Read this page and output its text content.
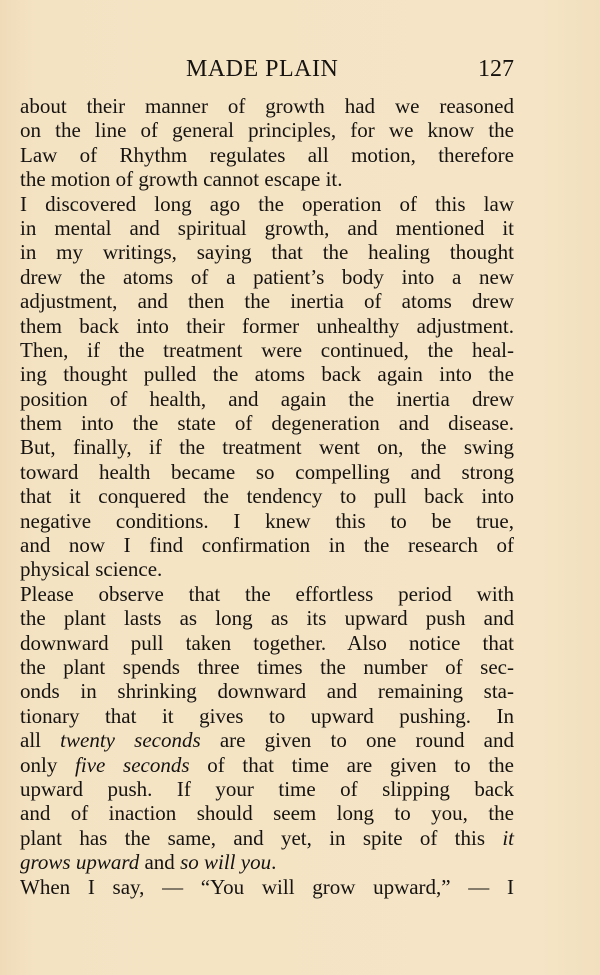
MADE PLAIN	127
about their manner of growth had we reasoned
on the line of general principles, for we know the
Law of Rhythm regulates all motion, therefore
the motion of growth cannot escape it.
I discovered long ago the operation of this law
in mental and spiritual growth, and mentioned it
in my writings, saying that the healing thought
drew the atoms of a patient’s body into a new
adjustment, and then the inertia of atoms drew
them back into their former unhealthy adjustment.
Then, if the treatment were continued, the heal-
ing thought pulled the atoms back again into the
position of health, and again the inertia drew
them into the state of degeneration and disease.
But, finally, if the treatment went on, the swing
toward health became so compelling and strong
that it conquered the tendency to pull back into
negative conditions. I knew this to be true,
and now I find confirmation in the research of
physical science.
Please observe that the effortless period with
the plant lasts as long as its upward push and
downward pull taken together. Also notice that
the plant spends three times the number of sec-
onds in shrinking downward and remaining sta-
tionary that it gives to upward pushing. In
all twenty seconds are given to one round and
only five seconds of that time are given to the
upward push. If your time of slipping back
and of inaction should seem long to you, the
plant has the same, and yet, in spite of this it
grows upward and so will you.
When I say, — “You will grow upward,” — I
